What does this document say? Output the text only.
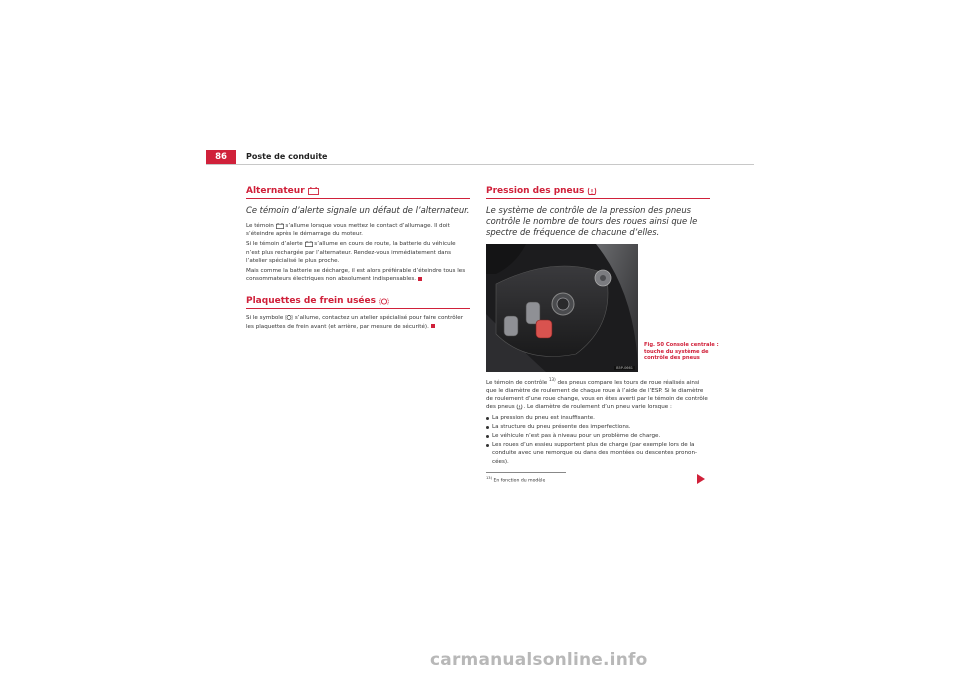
86 Poste de conduite
Alternateur

Ce témoin d’alerte signale un défaut de l’alternateur.

Le témoin s’allume lorsque vous mettez le contact d’allumage. Il doit s’éteindre après le démarrage du moteur.

Si le témoin d’alerte s’allume en cours de route, la batterie du véhicule n’est plus rechargée par l’alternateur. Rendez-vous immédiatement dans l’atelier spécialisé le plus proche.

Mais comme la batterie se décharge, il est alors préférable d’éteindre tous les consommateurs électriques non absolument indispensables.

Plaquettes de frein usées

Si le symbole s’allume, contactez un atelier spécialisé pour faire contrôler les plaquettes de frein avant (et arrière, par mesure de sécurité).

Pression des pneus

Le système de contrôle de la pression des pneus contrôle le nombre de tours des roues ainsi que le spectre de fréquence de chacune d’elles.

B5P-0661
Fig. 50 Console centrale : touche du système de contrôle des pneus

Le témoin de contrôle $^{13)}$ des pneus compare les tours de roue réalisés ainsi que le diamètre de roulement de chaque roue à l’aide de l’ESP. Si le diamètre de roulement d’une roue change, vous en êtes averti par le témoin de contrôle des pneus . Le diamètre de roulement d’un pneu varie lorsque :

La pression du pneu est insuffisante.
La structure du pneu présente des imperfections.
Le véhicule n’est pas à niveau pour un problème de charge.
Les roues d’un essieu supportent plus de charge (par exemple lors de la conduite avec une remorque ou dans des montées ou descentes pronon-cées).
$^{13)}$ En fonction du modèle
carmanualsonline.info
